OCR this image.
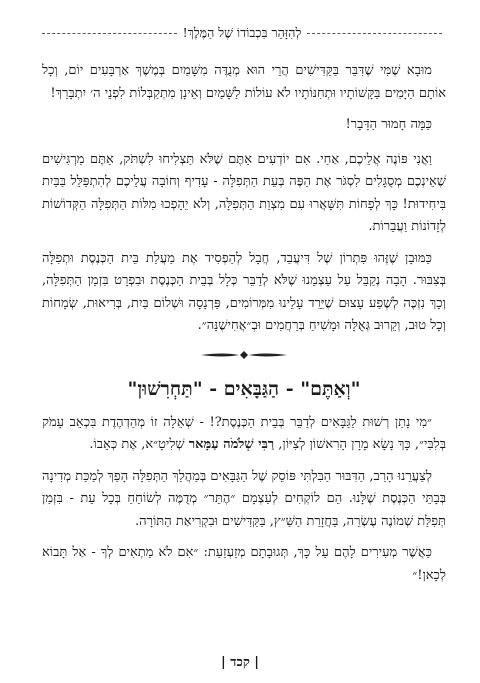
לְהִזָּהֵר בִּכְבוֹדוֹ שֶׁל הַמֶּלֶךְ!

מוּבָא שֶׁמִּי שֶׁדִּבֵּר בַּקַּדִּישִׁים הֲרֵי הוּא מְנֻדֶּה מִשָּׁמַיִם בְּמֶשֶׁךְ אַרְבָּעִים יוֹם, וְכָל אוֹתָם הַיָּמִים בַּקָּשׁוֹתָיו וּתְחִנּוֹתָיו לֹא עוֹלוֹת לַשָּׁמַיִם וְאֵינָן מִתְקַבְּלוֹת לִפְנֵי ה׳ יִתְבָּרַךְ!

כַּמָּה חָמוּר הַדָּבָר!

וַאֲנִי פּוֹנֶה אֲלֵיכֶם, אַחַי. אִם יוֹדְעִים אַתֶּם שֶׁלֹּא תַּצְלִיחוּ לִשְׁתֹּק, אַתֶּם מַרְגִּישִׁים שֶׁאֵינְכֶם מְסֻגָּלִים לִסְגֹּר אֶת הַפֶּה בְּעֵת הַתְּפִלָּה - עָדִיף וְחוֹבָה עֲלֵיכֶם לְהִתְפַּלֵּל בַּבַּיִת בִּיחִידוּת! כָּךְ לְפָחוֹת תִּשָּׁאֲרוּ עִם מִצְוַת הַתְּפִלָּה, וְלֹא יֵהָפְכוּ מִלּוֹת הַתְּפִלָּה הַקְּדוֹשׁוֹת לְזָדוֹנוֹת וַעֲבֵרוֹת.

כַּמּוּבָן שֶׁזֶּהוּ פִּתְרוֹן שֶׁל דִּיעֲבַד, חֲבָל לְהַפְסִיד אֶת מַעֲלַת בֵּית הַכְּנֶסֶת וּתְפִלָּה בְּצִבּוּר. הָבָה נְקַבֵּל עַל עַצְמֵנוּ שֶׁלֹּא לְדַבֵּר כְּלָל בְּבֵית הַכְּנֶסֶת וּבִפְרָט בִּזְמַן הַתְּפִלָּה, וְכָךְ נִזְכֶּה לְשֶׁפַע עָצוּם שֶׁיֵּרֵד עָלֵינוּ מִמְּרוֹמִים, פַּרְנָסָה וּשְׁלוֹם בַּיִת, בְּרִיאוּת, שְׂמָחוֹת וְכָל טוּב, וְקֵרוּב גְּאֻלָּה וּמָשִׁיחַ בְּרַחֲמִים וּבְ״אֲחִישֶׁנָּה״.

"וְאַתֶּם" - הַגַּבָּאִים - "תַּחְרִשׁוּן"

״מִי נָתַן רְשׁוּת לַגַּבָּאִים לְדַבֵּר בְּבֵית הַכְּנֶסֶת?! - שְׁאֵלָה זוֹ מְהַדְהֶדֶת בִּכְאֵב עָמֹק בְּלִבִּי״, כָּךְ נָשָׂא מָרָן הָרִאשׁוֹן לְצִיּוֹן, רַבִּי שְׁלֹמֹה עַמָּאר שְׁלִיטָ״א, אֶת כְּאֵבוֹ.

לְצַעֲרֵנוּ הָרַב, הַדִּבּוּר הַבִּלְתִּי פּוֹסֵק שֶׁל הַגַּבָּאִים בְּמַהֲלַךְ הַתְּפִלָּה הָפַךְ לְמַכַּת מְדִינָה בְּבָתֵּי הַכְּנֶסֶת שֶׁלָּנוּ. הֵם לוֹקְחִים לְעַצְמָם ״הֶתֵּר״ מְדֻמֶּה לְשׂוֹחֵחַ בְּכָל עֵת - בִּזְמַן תְּפִלַּת שְׁמוֹנֶה עֶשְׂרֵה, בַּחֲזָרַת הַשַּׁ״ץ, בַּקַּדִּישִׁים וּבִקְרִיאַת הַתּוֹרָה.

כַּאֲשֶׁר מְעִירִים לָהֶם עַל כָּךְ, תְּגוּבָתָם מְזַעְזַעַת: ״אִם לֹא מַתְאִים לְךָ - אַל תָּבוֹא לְכָאן!״

| קכד |
